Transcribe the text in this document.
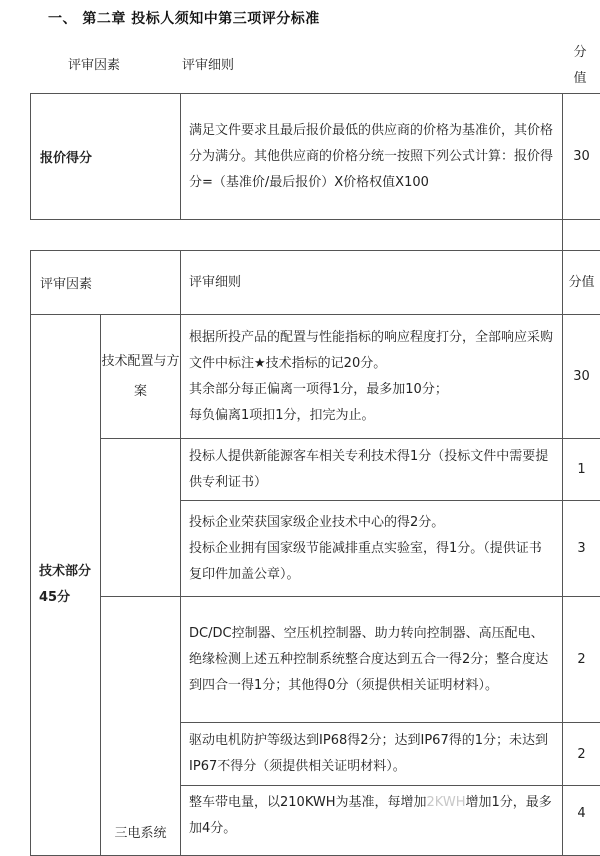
一、 第二章 投标人须知中第三项评分标准
评审因素	评审细则
分值
报价得分	满足文件要求且最后报价最低的供应商的价格为基准价，其价格分为满分。其他供应商的价格分统一按照下列公式计算：报价得分=（基准价/最后报价）X价格权值X100	30

评审因素		评审细则	分值
技术部分45分	技术配置与方案	根据所投产品的配置与性能指标的响应程度打分，全部响应采购文件中标注★技术指标的记20分。
其余部分每正偏离一项得1分，最多加10分；
每负偏离1项扣1分，扣完为止。	30
		投标人提供新能源客车相关专利技术得1分（投标文件中需要提供专利证书）	1

		投标企业荣获国家级企业技术中心的得2分。
投标企业拥有国家级节能减排重点实验室，得1分。（提供证书复印件加盖公章）。	3
	三电系统	DC/DC控制器、空压机控制器、助力转向控制器、高压配电、绝缘检测上述五种控制系统整合度达到五合一得2分；整合度达到四合一得1分；其他得0分（须提供相关证明材料）。	2
		驱动电机防护等级达到IP68得2分；达到IP67得的1分；未达到IP67不得分（须提供相关证明材料）。	2
		整车带电量，以210KWH为基准，每增加2KWH增加1分，最多加4分。	4
